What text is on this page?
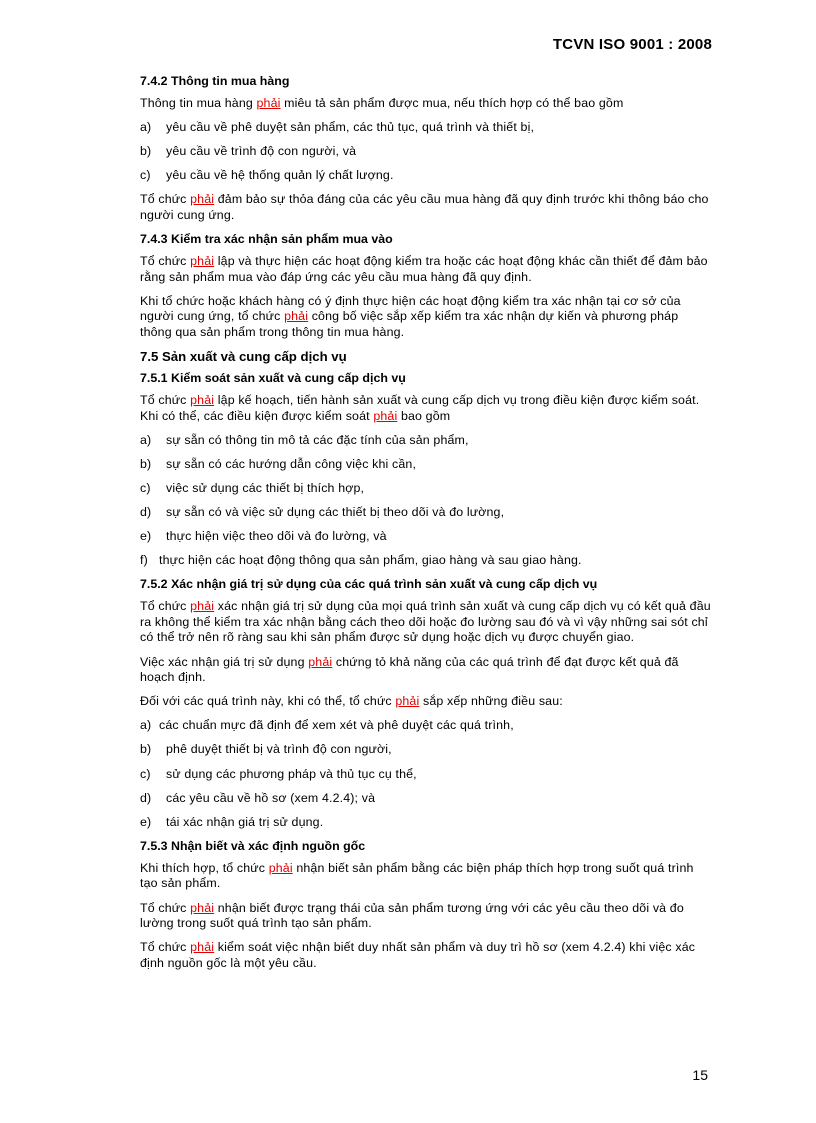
TCVN ISO 9001 : 2008
7.4.2 Thông tin mua hàng
Thông tin mua hàng phải miêu tả sản phẩm được mua, nếu thích hợp có thể bao gồm
a)	yêu cầu về phê duyệt sản phẩm, các thủ tục, quá trình và thiết bị,
b)	yêu cầu về trình độ con người, và
c)	yêu cầu về hệ thống quản lý chất lượng.
Tổ chức phải đảm bảo sự thỏa đáng của các yêu cầu mua hàng đã quy định trước khi thông báo cho người cung ứng.
7.4.3 Kiểm tra xác nhận sản phẩm mua vào
Tổ chức phải lập và thực hiện các hoạt động kiểm tra hoặc các hoạt động khác cần thiết để đảm bảo rằng sản phẩm mua vào đáp ứng các yêu cầu mua hàng đã quy định.
Khi tổ chức hoặc khách hàng có ý định thực hiện các hoạt động kiểm tra xác nhận tại cơ sở của người cung ứng, tổ chức phải công bố việc sắp xếp kiểm tra xác nhận dự kiến và phương pháp thông qua sản phẩm trong thông tin mua hàng.
7.5 Sản xuất và cung cấp dịch vụ
7.5.1 Kiểm soát sản xuất và cung cấp dịch vụ
Tổ chức phải lập kế hoạch, tiến hành sản xuất và cung cấp dịch vụ trong điều kiện được kiểm soát. Khi có thể, các điều kiện được kiểm soát phải bao gồm
a)	sự sẵn có thông tin mô tả các đặc tính của sản phẩm,
b)	sự sẵn có các hướng dẫn công việc khi cần,
c)	việc sử dụng các thiết bị thích hợp,
d)	sự sẵn có và việc sử dụng các thiết bị theo dõi và đo lường,
e)	thực hiện việc theo dõi và đo lường, và
f) thực hiện các hoạt động thông qua sản phẩm, giao hàng và sau giao hàng.
7.5.2 Xác nhận giá trị sử dụng của các quá trình sản xuất và cung cấp dịch vụ
Tổ chức phải xác nhận giá trị sử dụng của mọi quá trình sản xuất và cung cấp dịch vụ có kết quả đầu ra không thể kiểm tra xác nhận bằng cách theo dõi hoặc đo lường sau đó và vì vậy những sai sót chỉ có thể trở nên rõ ràng sau khi sản phẩm được sử dụng hoặc dịch vụ được chuyển giao.
Việc xác nhận giá trị sử dụng phải chứng tỏ khả năng của các quá trình để đạt được kết quả đã hoạch định.
Đối với các quá trình này, khi có thể, tổ chức phải sắp xếp những điều sau:
a) các chuẩn mực đã định để xem xét và phê duyệt các quá trình,
b)	phê duyệt thiết bị và trình độ con người,
c)	sử dụng các phương pháp và thủ tục cụ thể,
d)	các yêu cầu về hồ sơ (xem 4.2.4); và
e)	tái xác nhận giá trị sử dụng.
7.5.3 Nhận biết và xác định nguồn gốc
Khi thích hợp, tổ chức phải nhận biết sản phẩm bằng các biện pháp thích hợp trong suốt quá trình tạo sản phẩm.
Tổ chức phải nhận biết được trạng thái của sản phẩm tương ứng với các yêu cầu theo dõi và đo lường trong suốt quá trình tạo sản phẩm.
Tổ chức phải kiểm soát việc nhận biết duy nhất sản phẩm và duy trì hồ sơ (xem 4.2.4) khi việc xác định nguồn gốc là một yêu cầu.
15
